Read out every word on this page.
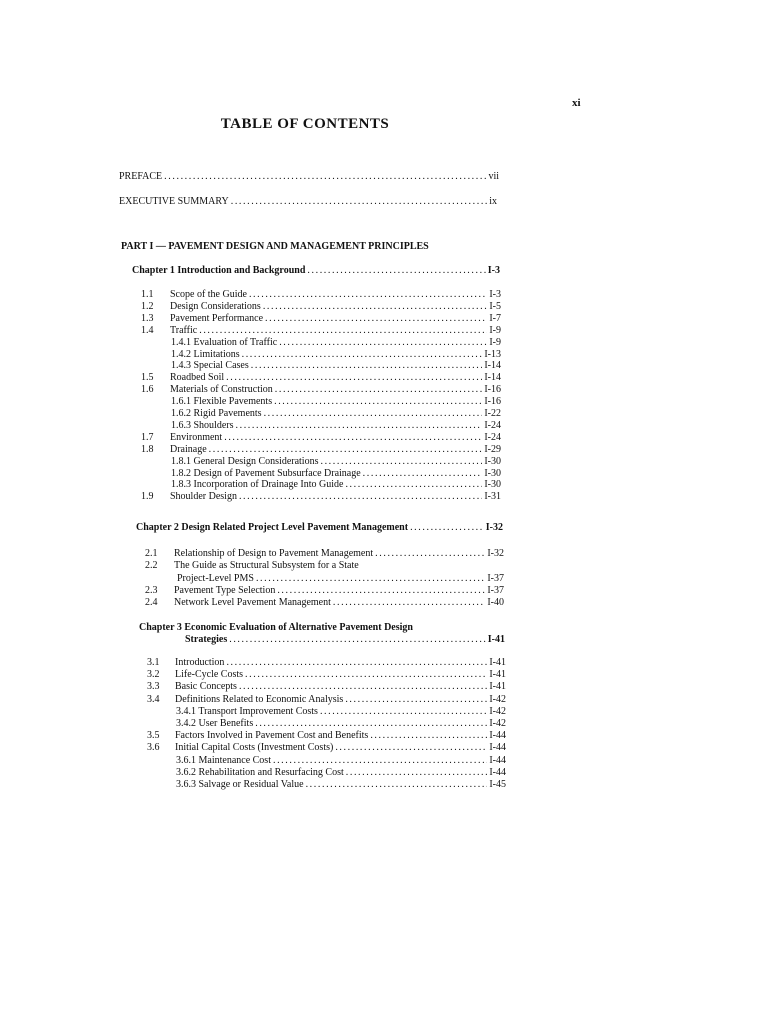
xi
TABLE OF CONTENTS
PREFACE .....	vii
EXECUTIVE SUMMARY .....	ix
PART I — PAVEMENT DESIGN AND MANAGEMENT PRINCIPLES
Chapter 1 Introduction and Background .....	I-3
1.1 Scope of the Guide .....	I-3
1.2 Design Considerations .....	I-5
1.3 Pavement Performance .....	I-7
1.4 Traffic .....	I-9
1.4.1 Evaluation of Traffic .....	I-9
1.4.2 Limitations .....	I-13
1.4.3 Special Cases .....	I-14
1.5 Roadbed Soil .....	I-14
1.6 Materials of Construction .....	I-16
1.6.1 Flexible Pavements .....	I-16
1.6.2 Rigid Pavements .....	I-22
1.6.3 Shoulders .....	I-24
1.7 Environment .....	I-24
1.8 Drainage .....	I-29
1.8.1 General Design Considerations .....	I-30
1.8.2 Design of Pavement Subsurface Drainage .....	I-30
1.8.3 Incorporation of Drainage Into Guide .....	I-30
1.9 Shoulder Design .....	I-31
Chapter 2 Design Related Project Level Pavement Management .....	I-32
2.1 Relationship of Design to Pavement Management .....	I-32
2.2 The Guide as Structural Subsystem for a State
Project-Level PMS .....	I-37
2.3 Pavement Type Selection .....	I-37
2.4 Network Level Pavement Management .....	I-40
Chapter 3 Economic Evaluation of Alternative Pavement Design
Strategies .....	I-41
3.1 Introduction .....	I-41
3.2 Life-Cycle Costs .....	I-41
3.3 Basic Concepts .....	I-41
3.4 Definitions Related to Economic Analysis .....	I-42
3.4.1 Transport Improvement Costs .....	I-42
3.4.2 User Benefits .....	I-42
3.5 Factors Involved in Pavement Cost and Benefits .....	I-44
3.6 Initial Capital Costs (Investment Costs) .....	I-44
3.6.1 Maintenance Cost .....	I-44
3.6.2 Rehabilitation and Resurfacing Cost .....	I-44
3.6.3 Salvage or Residual Value .....	I-45
